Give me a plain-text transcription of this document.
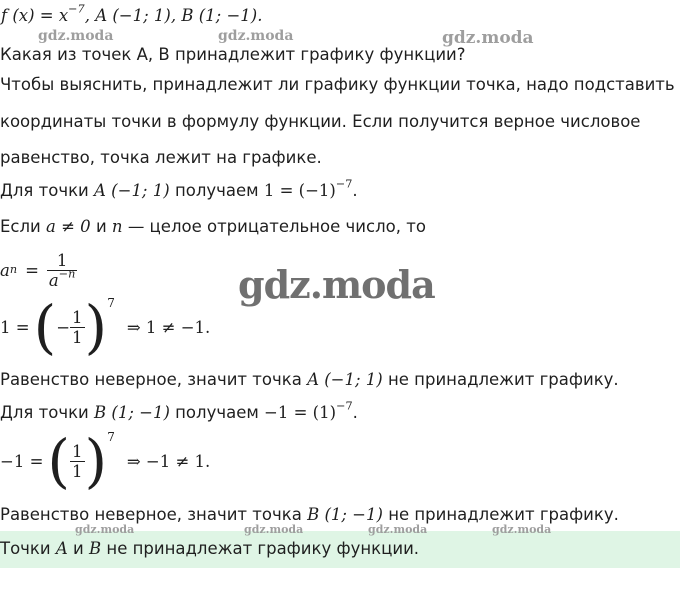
f $(x) = x^{-7}$, A (−1; 1), B (1; −1).
Какая из точек A, B принадлежит графику функции?
Чтобы выяснить, принадлежит ли графику функции точка, надо подставить
координаты точки в формулу функции. Если получится верное числовое
равенство, точка лежит на графике.
Для точки A (−1; 1) получаем $1 = (-1)^{-7}$.
Если a ≠ 0 и n — целое отрицательное число, то
a $n = \frac{1}{a^{-n}}$
1 = ( − $\frac{1}{1}$ ) 7
⇒ 1 ≠ −1.
Равенство неверное, значит точка A (−1; 1) не принадлежит графику.
Для точки B (1; −1) получаем $-1 = (1)^{-7}$.
−1 = ( $\frac{1}{1}$ ) 7
⇒ −1 ≠ 1.
Равенство неверное, значит точка B (1; −1) не принадлежит графику.
Точки A и B не принадлежат графику функции.
gdz.moda	gdz.moda	gdz.moda
gdz.moda
gdz.moda	gdz.moda	gdz.moda	gdz.moda
